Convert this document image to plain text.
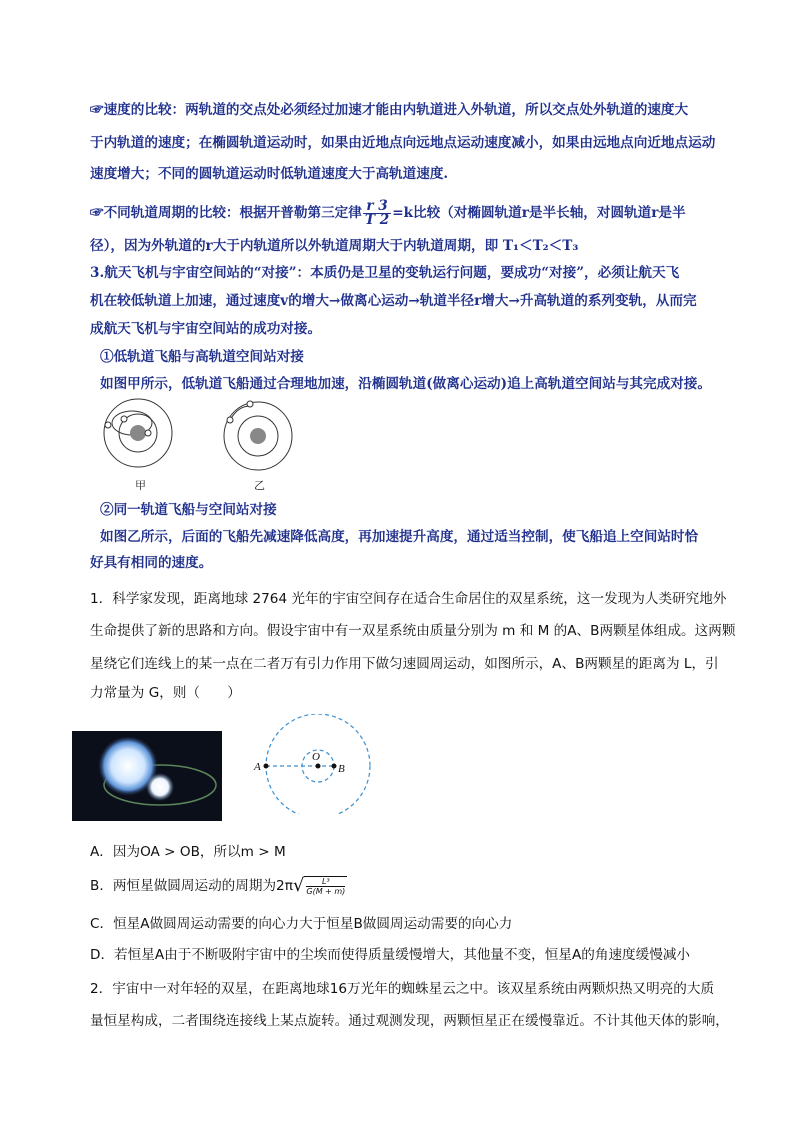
☞速度的比较：两轨道的交点处必须经过加速才能由内轨道进入外轨道，所以交点处外轨道的速度大
于内轨道的速度；在椭圆轨道运动时，如果由近地点向远地点运动速度减小，如果由远地点向近地点运动
速度增大；不同的圆轨道运动时低轨道速度大于高轨道速度.
☞不同轨道周期的比较：根据开普勒第三定律 $\frac{r 3}{T 2} =k$比较（对椭圆轨道r是半长轴，对圆轨道r是半
径），因为外轨道的r大于内轨道所以外轨道周期大于内轨道周期，即 T₁＜T₂＜T₃
3.航天飞机与宇宙空间站的“对接”：本质仍是卫星的变轨运行问题，要成功“对接”，必须让航天飞
机在较低轨道上加速，通过速度v的增大→做离心运动→轨道半径r增大→升高轨道的系列变轨，从而完
成航天飞机与宇宙空间站的成功对接。
①低轨道飞船与高轨道空间站对接
如图甲所示，低轨道飞船通过合理地加速，沿椭圆轨道(做离心运动)追上高轨道空间站与其完成对接。
甲	乙
②同一轨道飞船与空间站对接
如图乙所示，后面的飞船先减速降低高度，再加速提升高度，通过适当控制，使飞船追上空间站时恰
好具有相同的速度。
1．科学家发现，距离地球 2764 光年的宇宙空间存在适合生命居住的双星系统，这一发现为人类研究地外
生命提供了新的思路和方向。假设宇宙中有一双星系统由质量分别为 m 和 M 的A、B两颗星体组成。这两颗
星绕它们连线上的某一点在二者万有引力作用下做匀速圆周运动，如图所示，A、B两颗星的距离为 L，引
力常量为 G，则（　　）
A
O
B
A．因为OA > OB，所以m > M
B．两恒星做圆周运动的周期为$2\pi√ \frac{\text{L³}}{G(M + m)}$
C．恒星A做圆周运动需要的向心力大于恒星B做圆周运动需要的向心力
D．若恒星A由于不断吸附宇宙中的尘埃而使得质量缓慢增大，其他量不变，恒星A的角速度缓慢减小
2．宇宙中一对年轻的双星，在距离地球16万光年的蜘蛛星云之中。该双星系统由两颗炽热又明亮的大质
量恒星构成，二者围绕连接线上某点旋转。通过观测发现，两颗恒星正在缓慢靠近。不计其他天体的影响，
